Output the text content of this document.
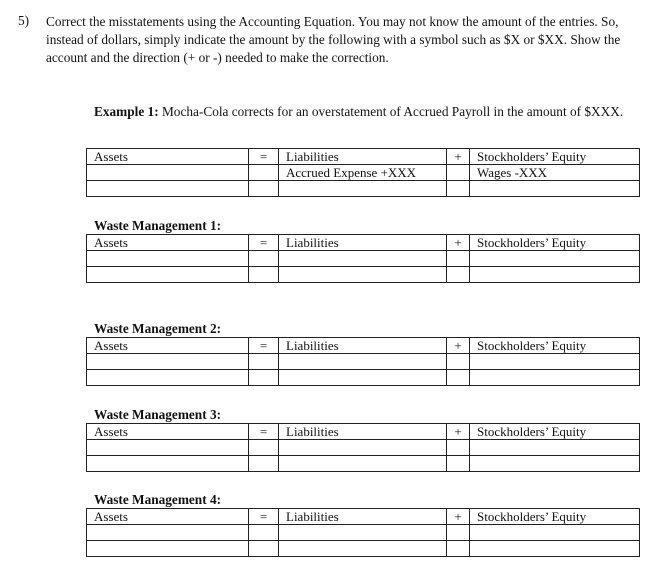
5) Correct the misstatements using the Accounting Equation. You may not know the amount of the entries. So, instead of dollars, simply indicate the amount by the following with a symbol such as $X or $XX. Show the account and the direction (+ or -) needed to make the correction.
Example 1: Mocha-Cola corrects for an overstatement of Accrued Payroll in the amount of $XXX.
Assets	=	Liabilities	+	Stockholders’ Equity
		Accrued Expense +XXX		Wages -XXX

Waste Management 1:
Assets	=	Liabilities	+	Stockholders’ Equity

Waste Management 2:
Assets	=	Liabilities	+	Stockholders’ Equity

Waste Management 3:
Assets	=	Liabilities	+	Stockholders’ Equity

Waste Management 4:
Assets	=	Liabilities	+	Stockholders’ Equity
